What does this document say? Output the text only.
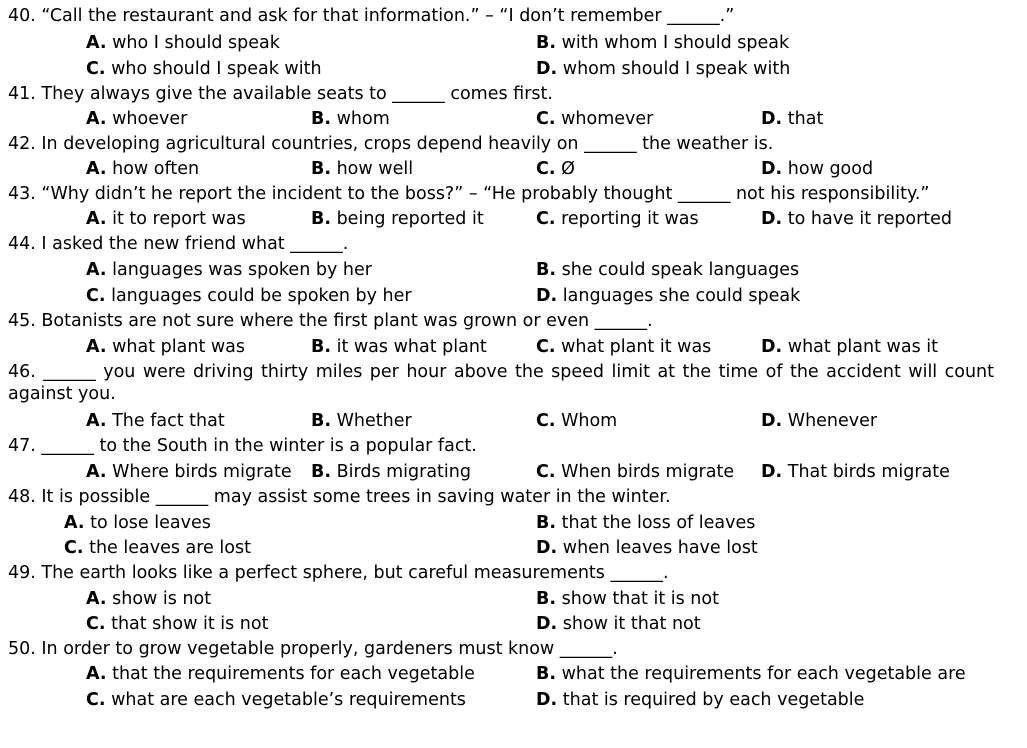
40. “Call the restaurant and ask for that information.” – “I don’t remember ______.”
A. who I should speak	B. with whom I should speak
C. who should I speak with	D. whom should I speak with
41. They always give the available seats to ______ comes first.
A. whoever	B. whom	C. whomever	D. that
42. In developing agricultural countries, crops depend heavily on ______ the weather is.
A. how often	B. how well	C. Ø	D. how good
43. “Why didn’t he report the incident to the boss?” – “He probably thought ______ not his responsibility.”
A. it to report was	B. being reported it	C. reporting it was	D. to have it reported
44. I asked the new friend what ______.
A. languages was spoken by her	B. she could speak languages
C. languages could be spoken by her	D. languages she could speak
45. Botanists are not sure where the first plant was grown or even ______.
A. what plant was	B. it was what plant	C. what plant it was	D. what plant was it
46. ______ you were driving thirty miles per hour above the speed limit at the time of the accident will count against you.
A. The fact that	B. Whether	C. Whom	D. Whenever
47. ______ to the South in the winter is a popular fact.
A. Where birds migrate B. Birds migrating	C. When birds migrate D. That birds migrate
48. It is possible ______ may assist some trees in saving water in the winter.
A. to lose leaves	B. that the loss of leaves
C. the leaves are lost	D. when leaves have lost
49. The earth looks like a perfect sphere, but careful measurements ______.
A. show is not	B. show that it is not
C. that show it is not	D. show it that not
50. In order to grow vegetable properly, gardeners must know ______.
A. that the requirements for each vegetable	B. what the requirements for each vegetable are
C. what are each vegetable’s requirements	D. that is required by each vegetable
